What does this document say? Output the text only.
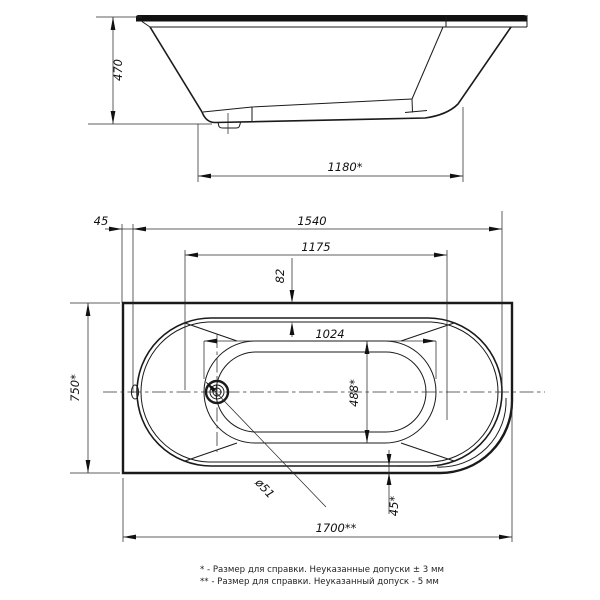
470
1180*
45	1540
1175
82
1024
750*	488*
45*
1700**
ø51
* - Размер для справки. Неуказанные допуски ± 3 мм
** - Размер для справки. Неуказанный допуск - 5 мм
